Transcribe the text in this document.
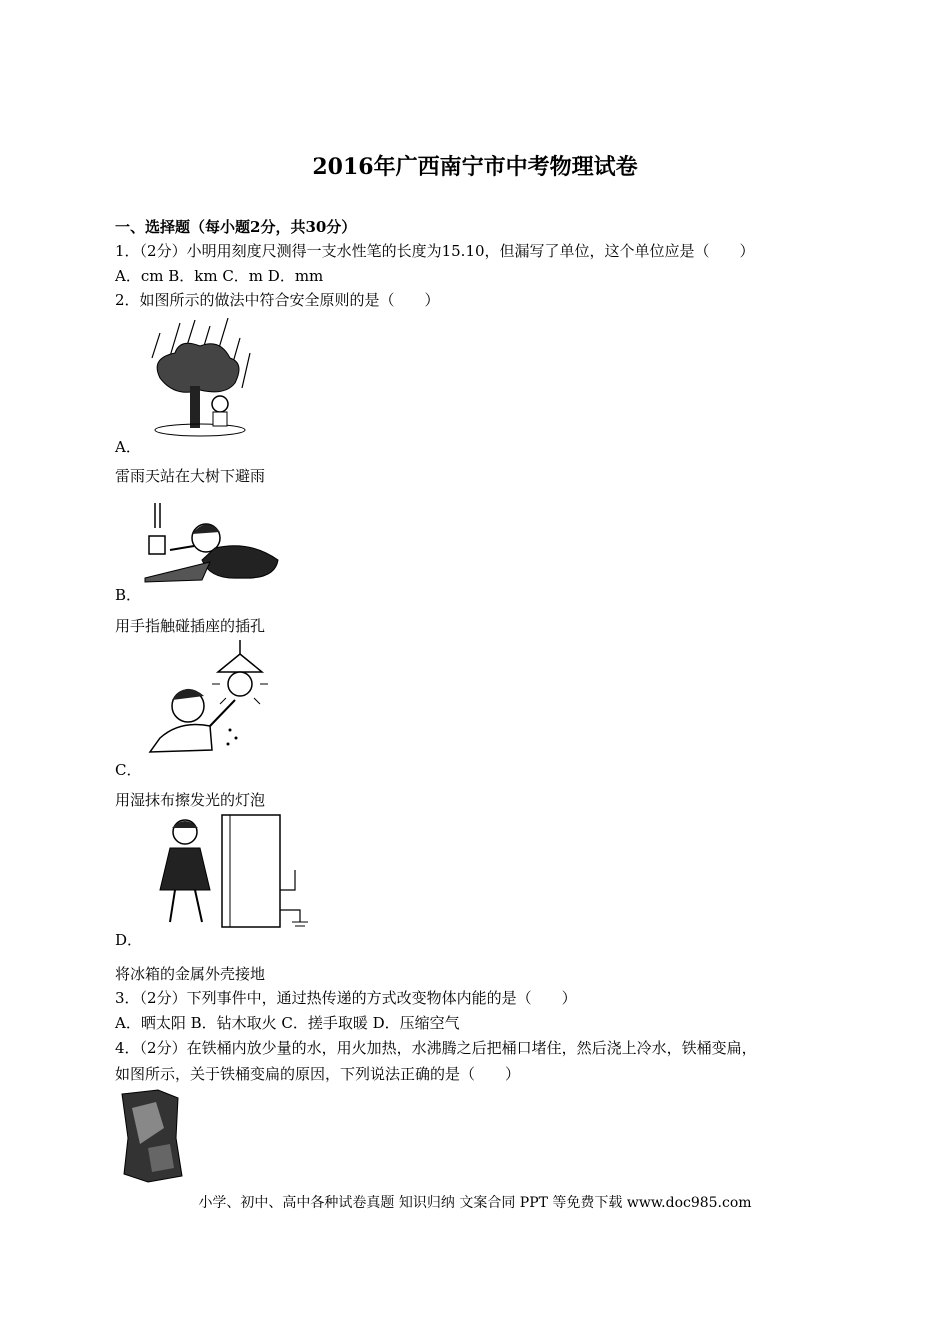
2016年广西南宁市中考物理试卷
一、选择题（每小题2分，共30分）
1．（2分）小明用刻度尺测得一支水性笔的长度为15.10，但漏写了单位，这个单位应是（　　）
A．cm B．km C．m D．mm
2．如图所示的做法中符合安全原则的是（　　）
A．
雷雨天站在大树下避雨
B．
用手指触碰插座的插孔
C．
用湿抹布擦发光的灯泡
D．
将冰箱的金属外壳接地
3．（2分）下列事件中，通过热传递的方式改变物体内能的是（　　）
A．晒太阳 B．钻木取火 C．搓手取暖 D．压缩空气
4．（2分）在铁桶内放少量的水，用火加热，水沸腾之后把桶口堵住，然后浇上冷水，铁桶变扁，
如图所示，关于铁桶变扁的原因，下列说法正确的是（　　）
小学、初中、高中各种试卷真题 知识归纳 文案合同 PPT 等免费下载 www.doc985.com
